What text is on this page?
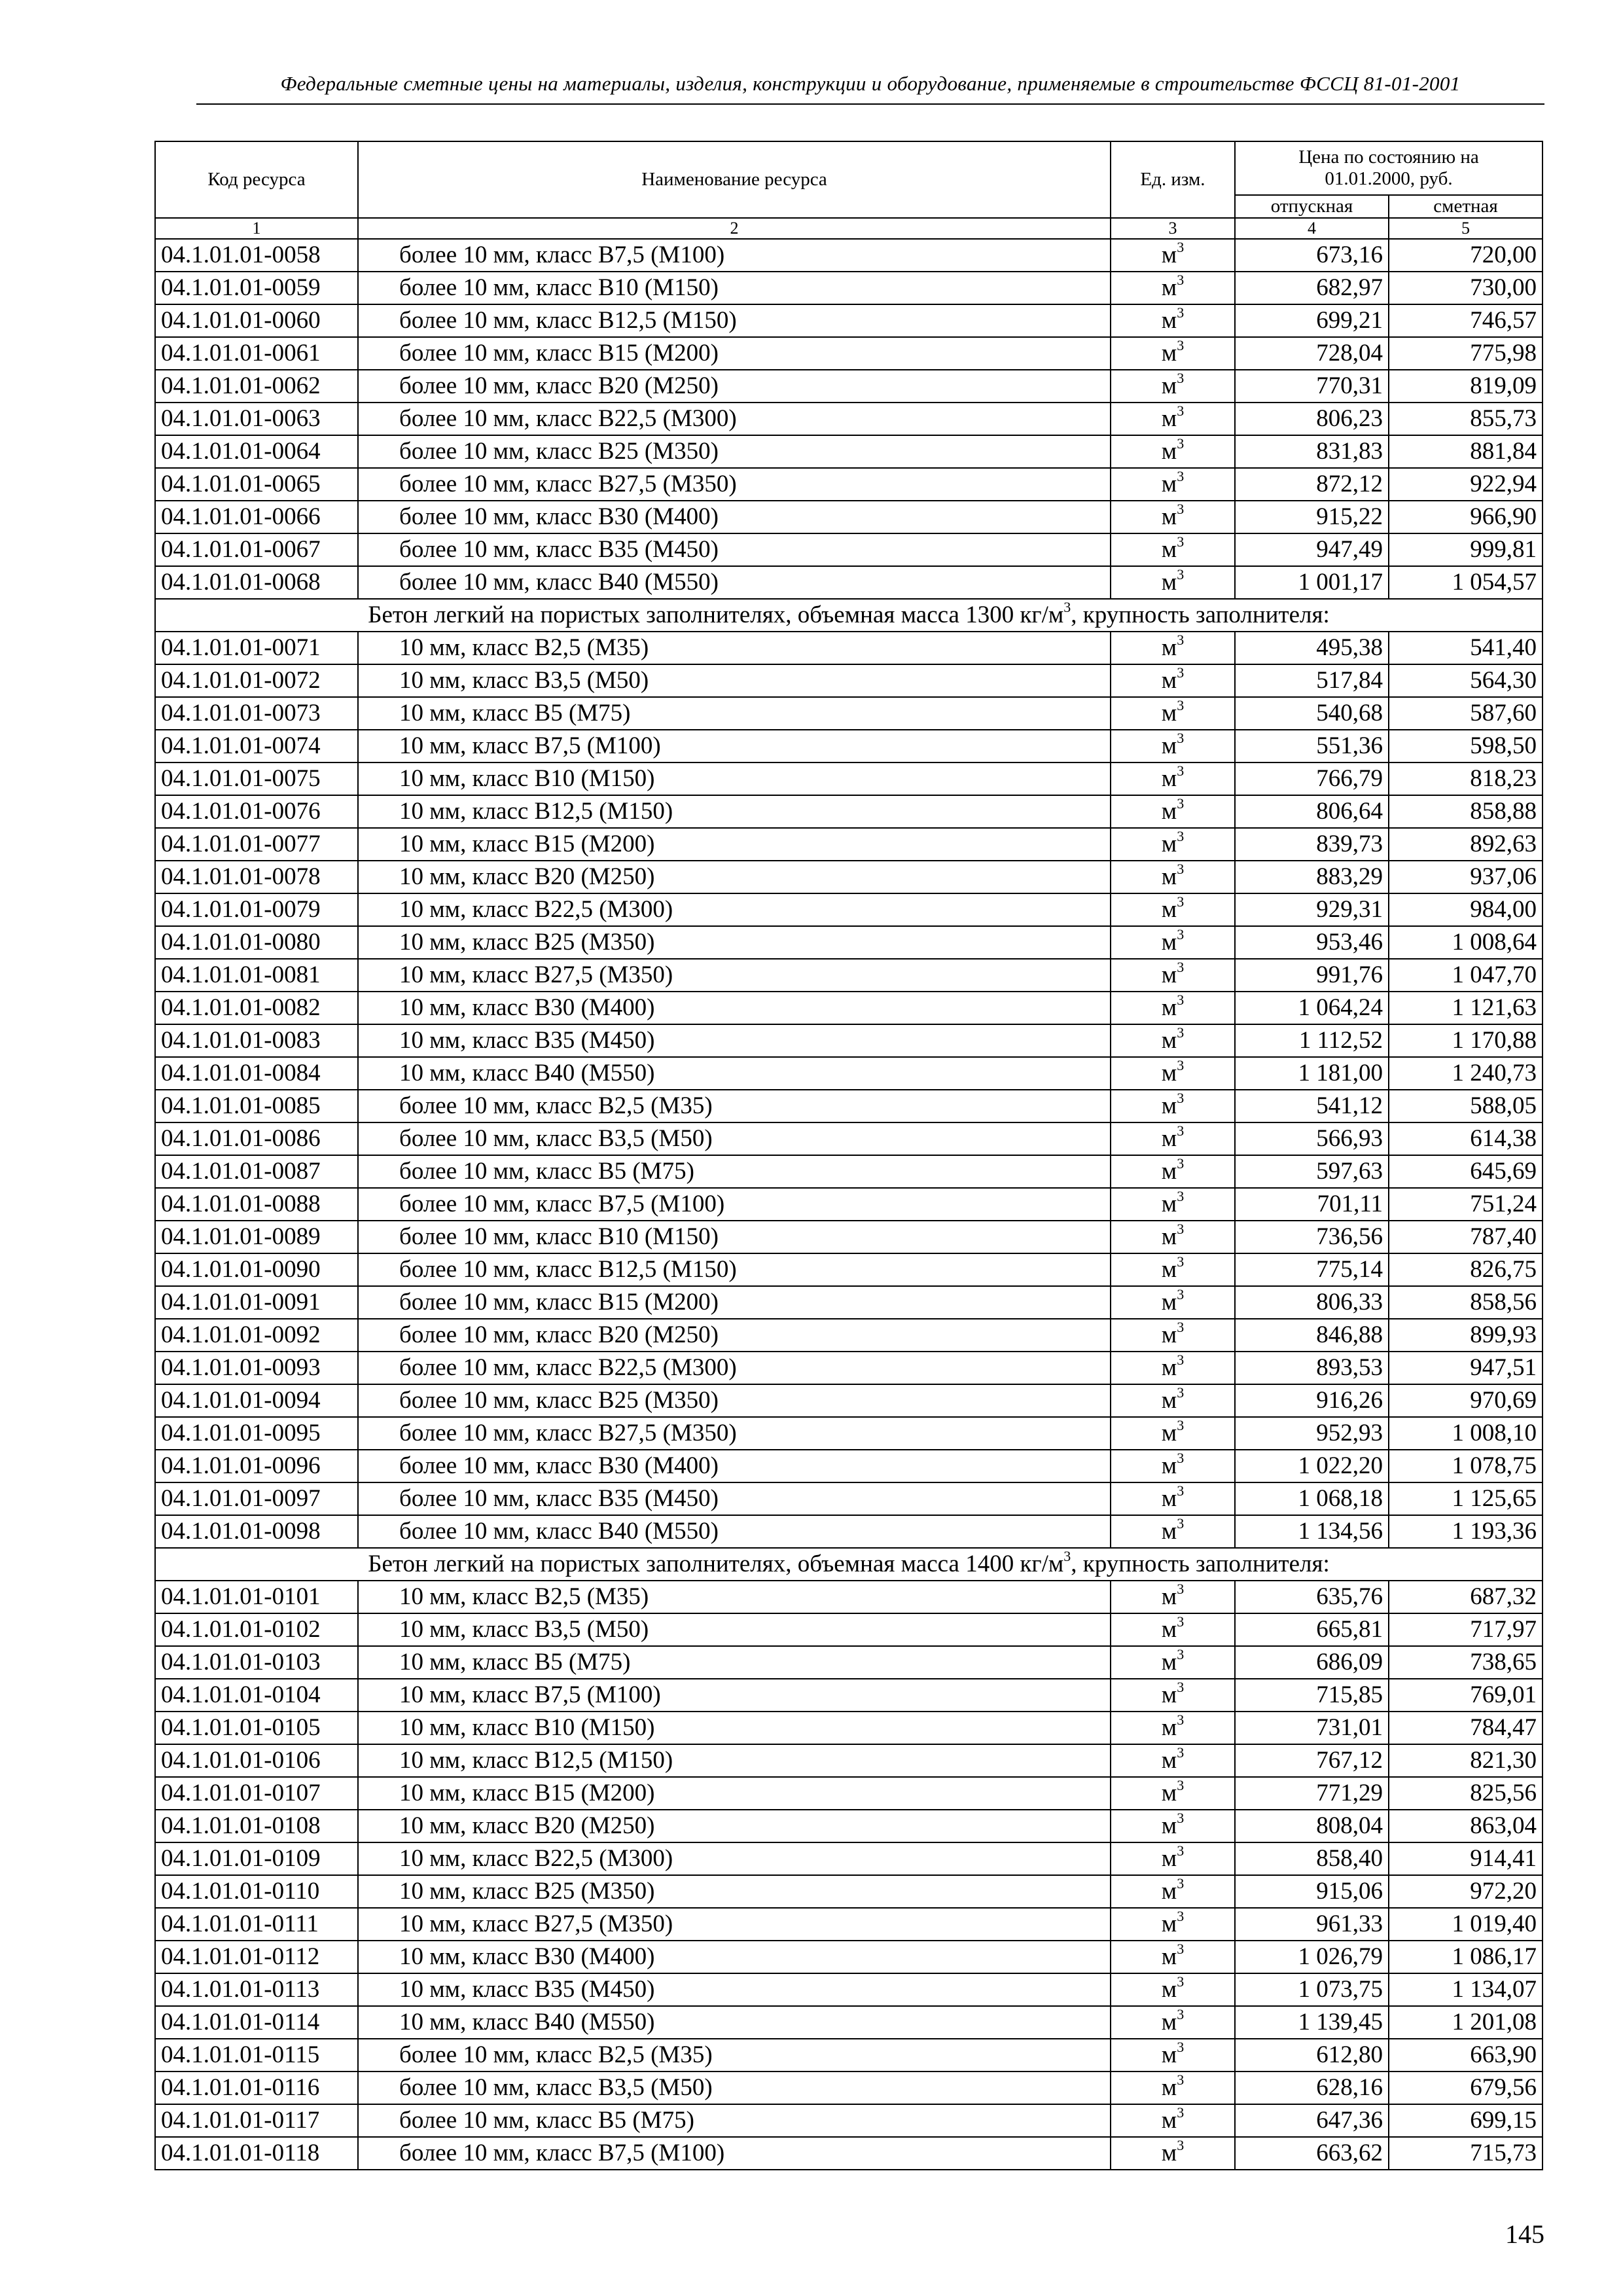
Федеральные сметные цены на материалы, изделия, конструкции и оборудование, применяемые в строительстве ФССЦ 81-01-2001
Код ресурса	Наименование ресурса	Ед. изм.	Цена по состоянию на 01.01.2000, руб.	
			отпускная	сметная
1	2	3	4	5
04.1.01.01-0058	более 10 мм, класс В7,5 (М100)	$м^3$	673,16	720,00
04.1.01.01-0059	более 10 мм, класс В10 (М150)	$м^3$	682,97	730,00
04.1.01.01-0060	более 10 мм, класс В12,5 (М150)	$м^3$	699,21	746,57
04.1.01.01-0061	более 10 мм, класс В15 (М200)	$м^3$	728,04	775,98
04.1.01.01-0062	более 10 мм, класс В20 (М250)	$м^3$	770,31	819,09
04.1.01.01-0063	более 10 мм, класс В22,5 (М300)	$м^3$	806,23	855,73
04.1.01.01-0064	более 10 мм, класс В25 (М350)	$м^3$	831,83	881,84
04.1.01.01-0065	более 10 мм, класс В27,5 (М350)	$м^3$	872,12	922,94
04.1.01.01-0066	более 10 мм, класс В30 (М400)	$м^3$	915,22	966,90
04.1.01.01-0067	более 10 мм, класс В35 (М450)	$м^3$	947,49	999,81
04.1.01.01-0068	более 10 мм, класс В40 (М550)	$м^3$	1 001,17	1 054,57
Бетон легкий на пористых заполнителях, объемная масса 1300 $кг/м^3$, крупность заполнителя:				
04.1.01.01-0071	10 мм, класс В2,5 (М35)	$м^3$	495,38	541,40
04.1.01.01-0072	10 мм, класс В3,5 (М50)	$м^3$	517,84	564,30
04.1.01.01-0073	10 мм, класс В5 (М75)	$м^3$	540,68	587,60
04.1.01.01-0074	10 мм, класс В7,5 (М100)	$м^3$	551,36	598,50
04.1.01.01-0075	10 мм, класс В10 (М150)	$м^3$	766,79	818,23
04.1.01.01-0076	10 мм, класс В12,5 (М150)	$м^3$	806,64	858,88
04.1.01.01-0077	10 мм, класс В15 (М200)	$м^3$	839,73	892,63
04.1.01.01-0078	10 мм, класс В20 (М250)	$м^3$	883,29	937,06
04.1.01.01-0079	10 мм, класс В22,5 (М300)	$м^3$	929,31	984,00
04.1.01.01-0080	10 мм, класс В25 (М350)	$м^3$	953,46	1 008,64
04.1.01.01-0081	10 мм, класс В27,5 (М350)	$м^3$	991,76	1 047,70
04.1.01.01-0082	10 мм, класс В30 (М400)	$м^3$	1 064,24	1 121,63
04.1.01.01-0083	10 мм, класс В35 (М450)	$м^3$	1 112,52	1 170,88
04.1.01.01-0084	10 мм, класс В40 (М550)	$м^3$	1 181,00	1 240,73
04.1.01.01-0085	более 10 мм, класс В2,5 (М35)	$м^3$	541,12	588,05
04.1.01.01-0086	более 10 мм, класс В3,5 (М50)	$м^3$	566,93	614,38
04.1.01.01-0087	более 10 мм, класс В5 (М75)	$м^3$	597,63	645,69
04.1.01.01-0088	более 10 мм, класс В7,5 (М100)	$м^3$	701,11	751,24
04.1.01.01-0089	более 10 мм, класс В10 (М150)	$м^3$	736,56	787,40
04.1.01.01-0090	более 10 мм, класс В12,5 (М150)	$м^3$	775,14	826,75
04.1.01.01-0091	более 10 мм, класс В15 (М200)	$м^3$	806,33	858,56
04.1.01.01-0092	более 10 мм, класс В20 (М250)	$м^3$	846,88	899,93
04.1.01.01-0093	более 10 мм, класс В22,5 (М300)	$м^3$	893,53	947,51
04.1.01.01-0094	более 10 мм, класс В25 (М350)	$м^3$	916,26	970,69
04.1.01.01-0095	более 10 мм, класс В27,5 (М350)	$м^3$	952,93	1 008,10
04.1.01.01-0096	более 10 мм, класс В30 (М400)	$м^3$	1 022,20	1 078,75
04.1.01.01-0097	более 10 мм, класс В35 (М450)	$м^3$	1 068,18	1 125,65
04.1.01.01-0098	более 10 мм, класс В40 (М550)	$м^3$	1 134,56	1 193,36
Бетон легкий на пористых заполнителях, объемная масса 1400 $кг/м^3$, крупность заполнителя:				
04.1.01.01-0101	10 мм, класс В2,5 (М35)	$м^3$	635,76	687,32
04.1.01.01-0102	10 мм, класс В3,5 (М50)	$м^3$	665,81	717,97
04.1.01.01-0103	10 мм, класс В5 (М75)	$м^3$	686,09	738,65
04.1.01.01-0104	10 мм, класс В7,5 (М100)	$м^3$	715,85	769,01
04.1.01.01-0105	10 мм, класс В10 (М150)	$м^3$	731,01	784,47
04.1.01.01-0106	10 мм, класс В12,5 (М150)	$м^3$	767,12	821,30
04.1.01.01-0107	10 мм, класс В15 (М200)	$м^3$	771,29	825,56
04.1.01.01-0108	10 мм, класс В20 (М250)	$м^3$	808,04	863,04
04.1.01.01-0109	10 мм, класс В22,5 (М300)	$м^3$	858,40	914,41
04.1.01.01-0110	10 мм, класс В25 (М350)	$м^3$	915,06	972,20
04.1.01.01-0111	10 мм, класс В27,5 (М350)	$м^3$	961,33	1 019,40
04.1.01.01-0112	10 мм, класс В30 (М400)	$м^3$	1 026,79	1 086,17
04.1.01.01-0113	10 мм, класс В35 (М450)	$м^3$	1 073,75	1 134,07
04.1.01.01-0114	10 мм, класс В40 (М550)	$м^3$	1 139,45	1 201,08
04.1.01.01-0115	более 10 мм, класс В2,5 (М35)	$м^3$	612,80	663,90
04.1.01.01-0116	более 10 мм, класс В3,5 (М50)	$м^3$	628,16	679,56
04.1.01.01-0117	более 10 мм, класс В5 (М75)	$м^3$	647,36	699,15
04.1.01.01-0118	более 10 мм, класс В7,5 (М100)	$м^3$	663,62	715,73
145
